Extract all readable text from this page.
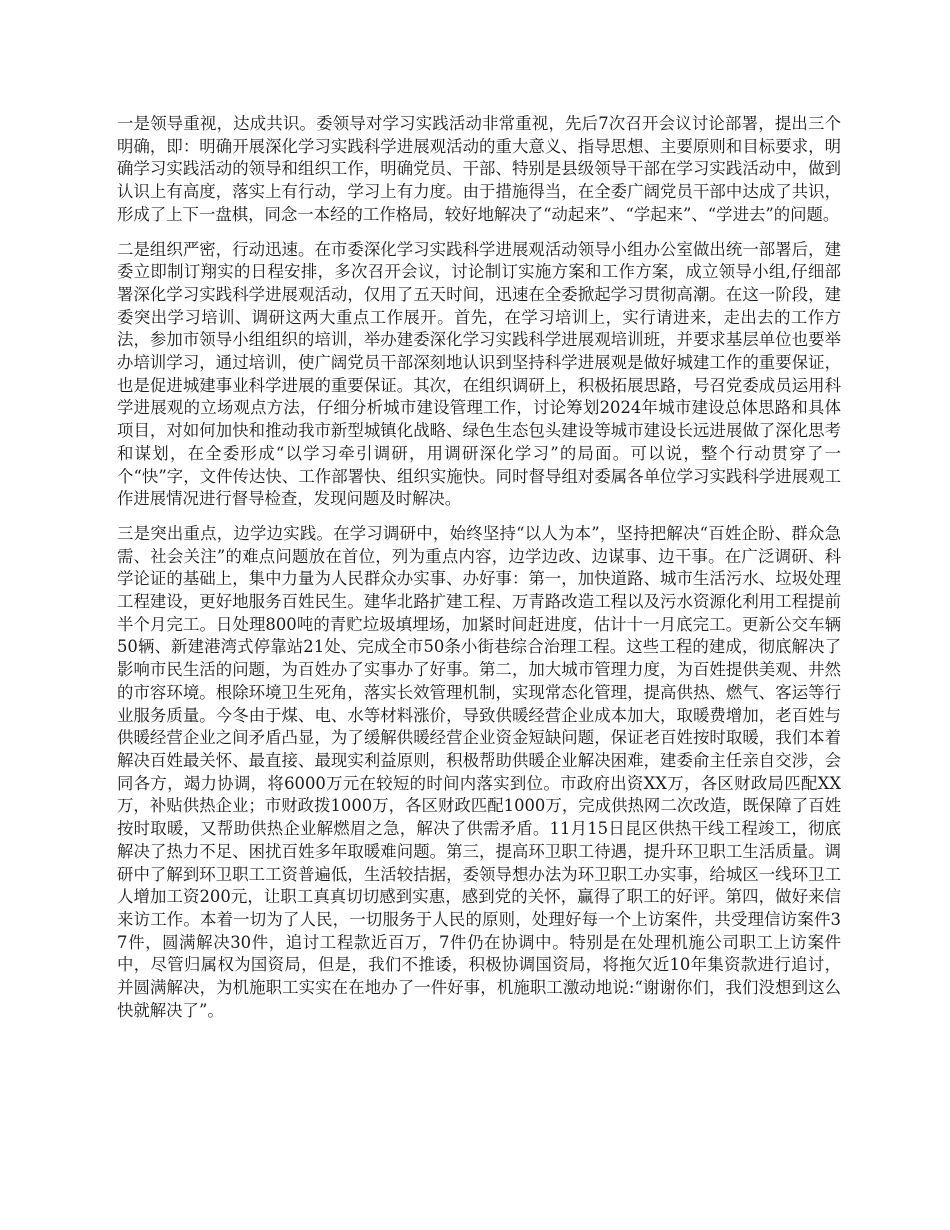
一是领导重视，达成共识。委领导对学习实践活动非常重视，先后7次召开会议讨论部署，提出三个明确，即：明确开展深化学习实践科学进展观活动的重大意义、指导思想、主要原则和目标要求，明确学习实践活动的领导和组织工作，明确党员、干部、特别是县级领导干部在学习实践活动中，做到认识上有高度，落实上有行动，学习上有力度。由于措施得当，在全委广阔党员干部中达成了共识，形成了上下一盘棋，同念一本经的工作格局，较好地解决了“动起来”、“学起来”、“学进去”的问题。

二是组织严密，行动迅速。在市委深化学习实践科学进展观活动领导小组办公室做出统一部署后，建委立即制订翔实的日程安排，多次召开会议，讨论制订实施方案和工作方案，成立领导小组,仔细部署深化学习实践科学进展观活动，仅用了五天时间，迅速在全委掀起学习贯彻高潮。在这一阶段，建委突出学习培训、调研这两大重点工作展开。首先，在学习培训上，实行请进来，走出去的工作方法，参加市领导小组组织的培训，举办建委深化学习实践科学进展观培训班，并要求基层单位也要举办培训学习，通过培训，使广阔党员干部深刻地认识到坚持科学进展观是做好城建工作的重要保证，也是促进城建事业科学进展的重要保证。其次，在组织调研上，积极拓展思路，号召党委成员运用科学进展观的立场观点方法，仔细分析城市建设管理工作，讨论筹划2024年城市建设总体思路和具体项目，对如何加快和推动我市新型城镇化战略、绿色生态包头建设等城市建设长远进展做了深化思考和谋划，在全委形成“以学习牵引调研，用调研深化学习”的局面。可以说，整个行动贯穿了一个“快”字，文件传达快、工作部署快、组织实施快。同时督导组对委属各单位学习实践科学进展观工作进展情况进行督导检查，发现问题及时解决。

三是突出重点，边学边实践。在学习调研中，始终坚持“以人为本”，坚持把解决“百姓企盼、群众急需、社会关注”的难点问题放在首位，列为重点内容，边学边改、边谋事、边干事。在广泛调研、科学论证的基础上，集中力量为人民群众办实事、办好事：第一，加快道路、城市生活污水、垃圾处理工程建设，更好地服务百姓民生。建华北路扩建工程、万青路改造工程以及污水资源化利用工程提前半个月完工。日处理800吨的青贮垃圾填埋场，加紧时间赶进度，估计十一月底完工。更新公交车辆50辆、新建港湾式停靠站21处、完成全市50条小街巷综合治理工程。这些工程的建成，彻底解决了影响市民生活的问题，为百姓办了实事办了好事。第二，加大城市管理力度，为百姓提供美观、井然的市容环境。根除环境卫生死角，落实长效管理机制，实现常态化管理，提高供热、燃气、客运等行业服务质量。今冬由于煤、电、水等材料涨价，导致供暖经营企业成本加大，取暖费增加，老百姓与供暖经营企业之间矛盾凸显，为了缓解供暖经营企业资金短缺问题，保证老百姓按时取暖，我们本着解决百姓最关怀、最直接、最现实利益原则，积极帮助供暖企业解决困难，建委俞主任亲自交涉，会同各方，竭力协调，将6000万元在较短的时间内落实到位。市政府出资XX万，各区财政局匹配XX万，补贴供热企业；市财政拨1000万，各区财政匹配1000万，完成供热网二次改造，既保障了百姓按时取暖，又帮助供热企业解燃眉之急，解决了供需矛盾。11月15日昆区供热干线工程竣工，彻底解决了热力不足、困扰百姓多年取暖难问题。第三，提高环卫职工待遇，提升环卫职工生活质量。调研中了解到环卫职工工资普遍低，生活较拮据，委领导想办法为环卫职工办实事，给城区一线环卫工人增加工资200元，让职工真真切切感到实惠，感到党的关怀，赢得了职工的好评。第四，做好来信来访工作。本着一切为了人民，一切服务于人民的原则，处理好每一个上访案件，共受理信访案件37件，圆满解决30件，追讨工程款近百万，7件仍在协调中。特别是在处理机施公司职工上访案件中，尽管归属权为国资局，但是，我们不推诿，积极协调国资局，将拖欠近10年集资款进行追讨，并圆满解决，为机施职工实实在在地办了一件好事，机施职工激动地说:“谢谢你们，我们没想到这么快就解决了”。
